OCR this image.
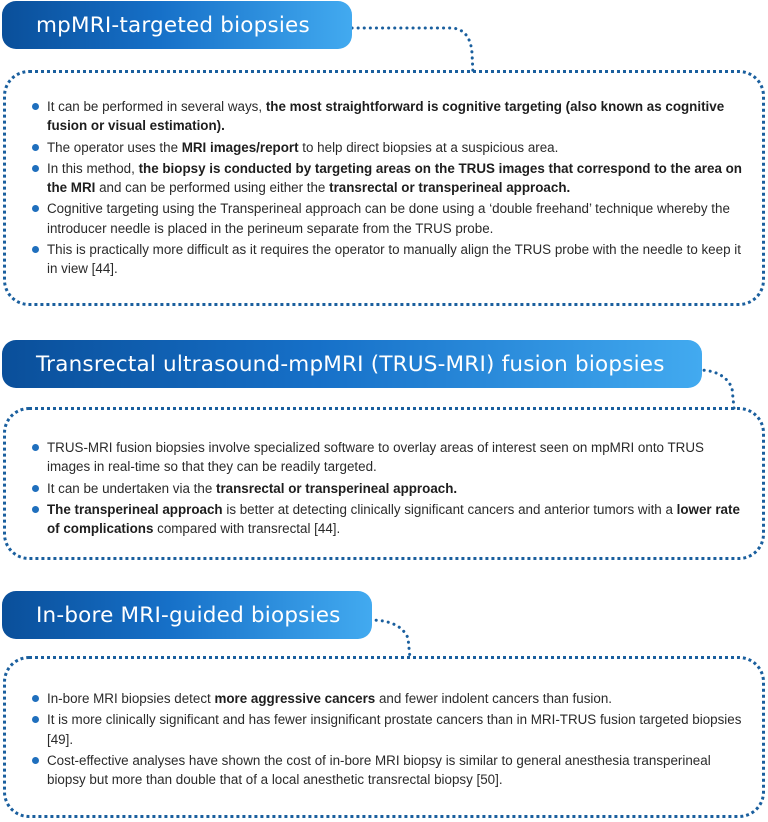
mpMRI-targeted biopsies
It can be performed in several ways, the most straightforward is cognitive targeting (also known as cognitive fusion or visual estimation).
The operator uses the MRI images/report to help direct biopsies at a suspicious area.
In this method, the biopsy is conducted by targeting areas on the TRUS images that correspond to the area on the MRI and can be performed using either the transrectal or transperineal approach.
Cognitive targeting using the Transperineal approach can be done using a ‘double freehand’ technique whereby the introducer needle is placed in the perineum separate from the TRUS probe.
This is practically more difficult as it requires the operator to manually align the TRUS probe with the needle to keep it in view [44].
Transrectal ultrasound-mpMRI (TRUS-MRI) fusion biopsies
TRUS-MRI fusion biopsies involve specialized software to overlay areas of interest seen on mpMRI onto TRUS images in real-time so that they can be readily targeted.
It can be undertaken via the transrectal or transperineal approach.
The transperineal approach is better at detecting clinically significant cancers and anterior tumors with a lower rate of complications compared with transrectal [44].
In-bore MRI-guided biopsies
In-bore MRI biopsies detect more aggressive cancers and fewer indolent cancers than fusion.
It is more clinically significant and has fewer insignificant prostate cancers than in MRI-TRUS fusion targeted biopsies [49].
Cost-effective analyses have shown the cost of in-bore MRI biopsy is similar to general anesthesia transperineal biopsy but more than double that of a local anesthetic transrectal biopsy [50].
